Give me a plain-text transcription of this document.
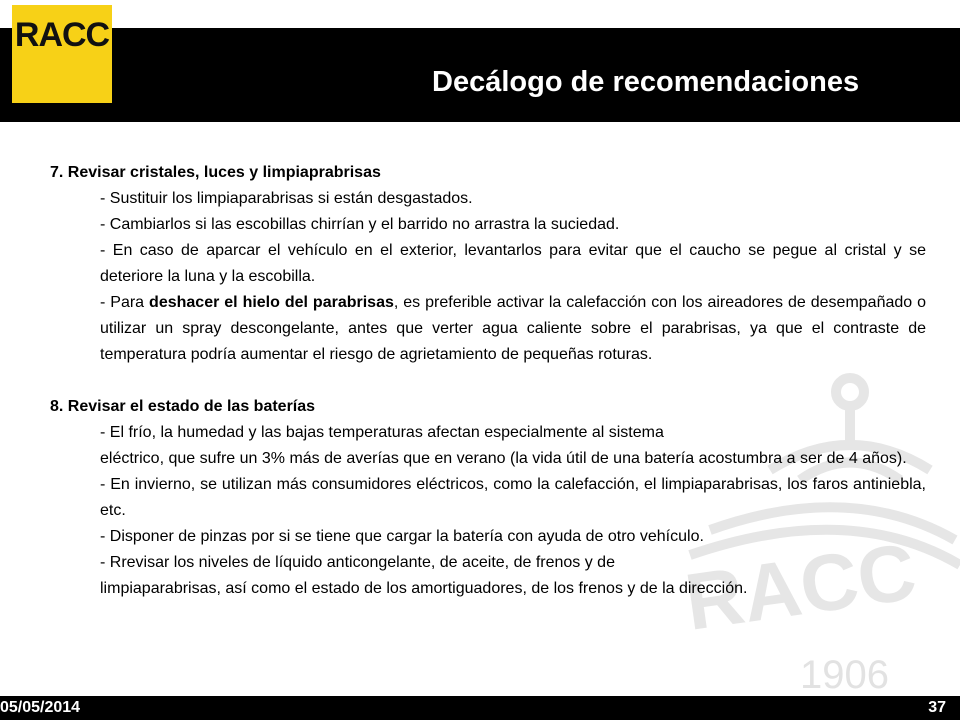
RACC
Decálogo de recomendaciones
RACC
1906

7. Revisar cristales, luces y limpiaprabrisas

- Sustituir los limpiaparabrisas si están desgastados.

- Cambiarlos si las escobillas chirrían y el barrido no arrastra la suciedad.

- En caso de aparcar el vehículo en el exterior, levantarlos para evitar que el caucho se pegue al cristal y se deteriore la luna y la escobilla.

- Para deshacer el hielo del parabrisas, es preferible activar la calefacción con los aireadores de desempañado o utilizar un spray descongelante, antes que verter agua caliente sobre el parabrisas, ya que el contraste de temperatura podría aumentar el riesgo de agrietamiento de pequeñas roturas.

8. Revisar el estado de las baterías

- El frío, la humedad y las bajas temperaturas afectan especialmente al sistema

eléctrico, que sufre un 3% más de averías que en verano (la vida útil de una batería acostumbra a ser de 4 años).

- En invierno, se utilizan más consumidores eléctricos, como la calefacción, el limpiaparabrisas, los faros antiniebla, etc.

- Disponer de pinzas por si se tiene que cargar la batería con ayuda de otro vehículo.

- Rrevisar los niveles de líquido anticongelante, de aceite, de frenos y de

limpiaparabrisas, así como el estado de los amortiguadores, de los frenos y de la dirección.

05/05/2014	37
